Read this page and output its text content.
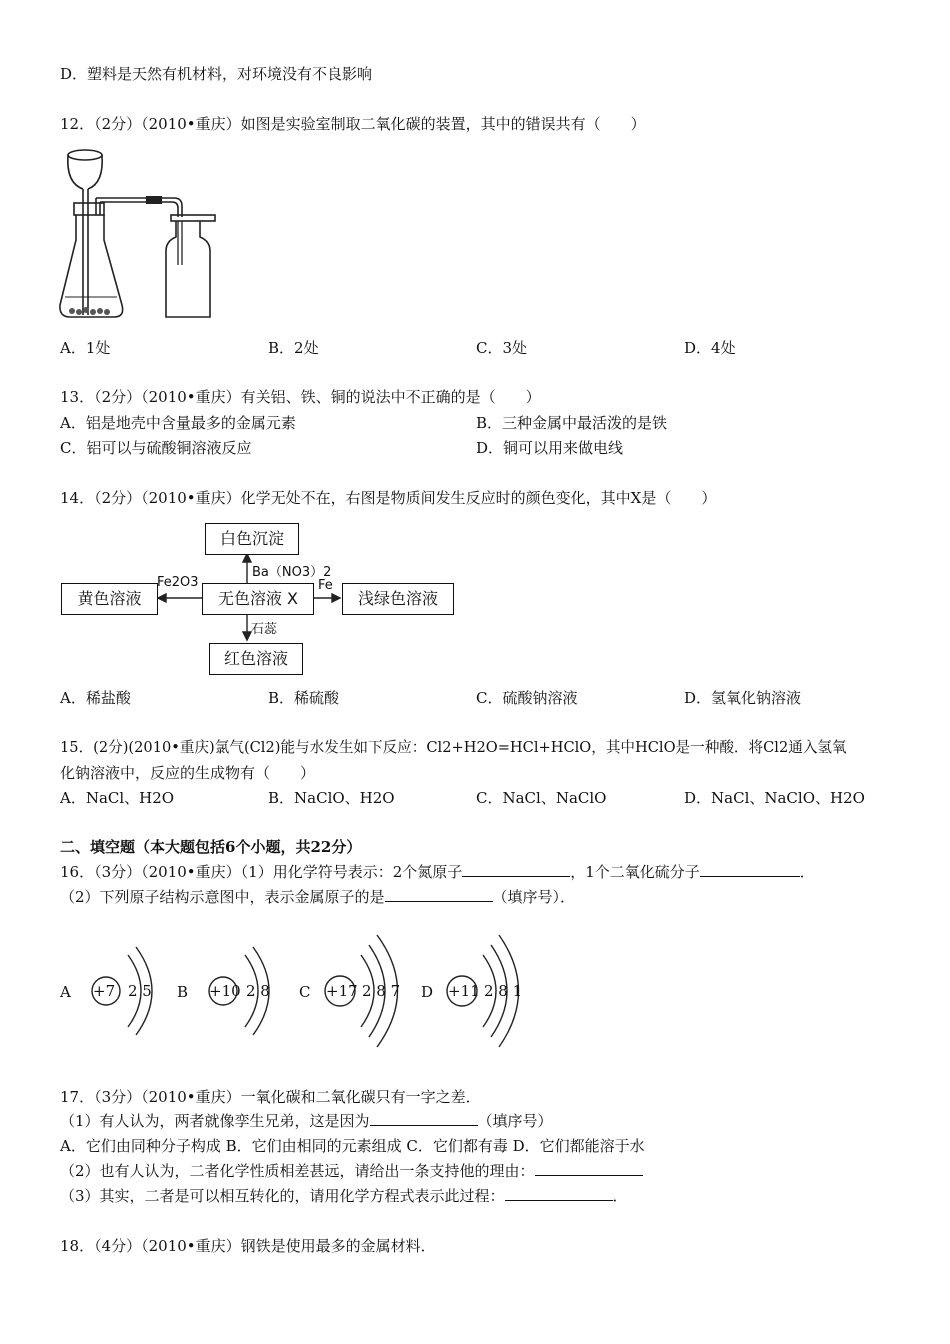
D．塑料是天然有机材料，对环境没有不良影响
12．（2分）（2010•重庆）如图是实验室制取二氧化碳的装置，其中的错误共有（　　）
A．1处	B．2处	C．3处	D．4处
13．（2分）（2010•重庆）有关铝、铁、铜的说法中不正确的是（　　）
A．铝是地壳中含量最多的金属元素	B．三种金属中最活泼的是铁
C．铝可以与硫酸铜溶液反应	D．铜可以用来做电线
14．（2分）（2010•重庆）化学无处不在，右图是物质间发生反应时的颜色变化，其中X是（　　）
白色沉淀
无色溶液 X
黄色溶液	浅绿色溶液
红色溶液
Ba（NO3）2
Fe2O3	Fe
石蕊
A．稀盐酸	B．稀硫酸	C．硫酸钠溶液	D．氢氧化钠溶液
15．(2分)(2010•重庆)氯气(Cl2)能与水发生如下反应：Cl2+H2O=HCl+HClO，其中HClO是一种酸．将Cl2通入氢氧
化钠溶液中，反应的生成物有（　　）
A．NaCl、H2O	B．NaClO、H2O	C．NaCl、NaClO	D．NaCl、NaClO、H2O
二、填空题（本大题包括6个小题，共22分）
16．（3分）（2010•重庆）（1）用化学符号表示：2个氮原子	，1个二氧化硫分子	．
（2）下列原子结构示意图中，表示金属原子的是	（填序号）．
A +7 2 5 B +10 2 8 C +17 2 8 7 D +11 2 8 1
17．（3分）（2010•重庆）一氧化碳和二氧化碳只有一字之差．
（1）有人认为，两者就像孪生兄弟，这是因为	（填序号）
A．它们由同种分子构成 B．它们由相同的元素组成 C．它们都有毒 D．它们都能溶于水
（2）也有人认为，二者化学性质相差甚远，请给出一条支持他的理由：
（3）其实，二者是可以相互转化的，请用化学方程式表示此过程：	．
18．（4分）（2010•重庆）钢铁是使用最多的金属材料．
